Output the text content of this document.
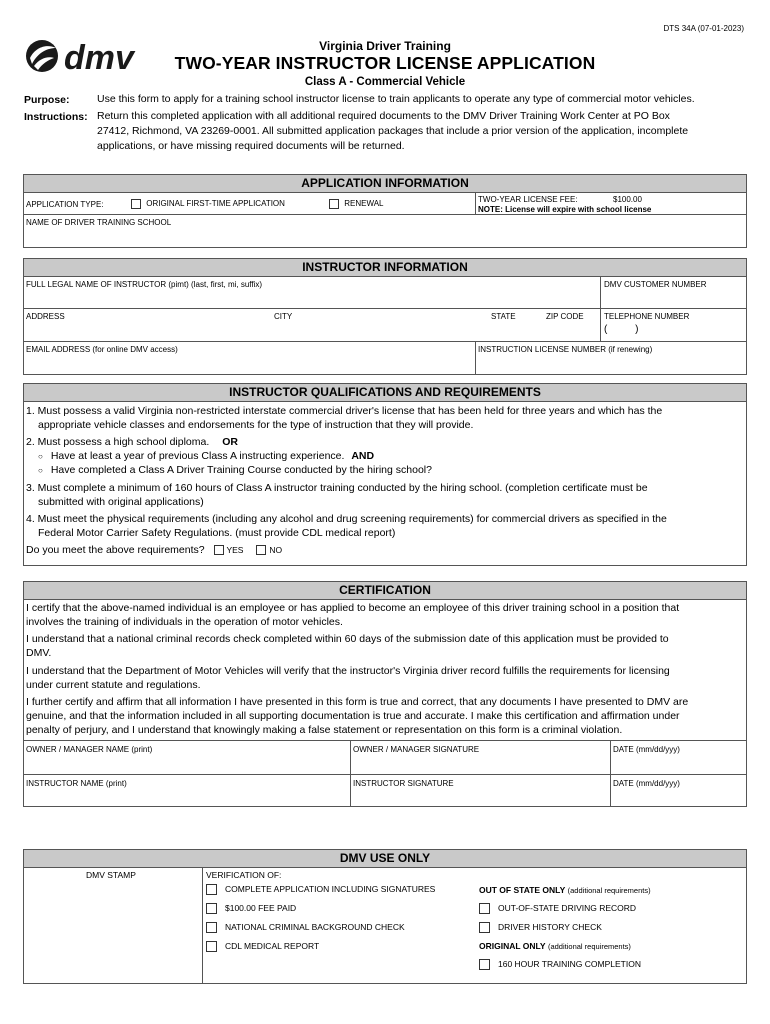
DTS 34A (07-01-2023)
dmv	Virginia Driver Training
TWO-YEAR INSTRUCTOR LICENSE APPLICATION
Class A - Commercial Vehicle
Purpose:	Use this form to apply for a training school instructor license to train applicants to operate any type of commercial motor vehicles.
Instructions: Return this completed application with all additional required documents to the DMV Driver Training Work Center at PO Box
27412, Richmond, VA 23269-0001. All submitted application packages that include a prior version of the application, incomplete
applications, or have missing required documents will be returned.
APPLICATION INFORMATION
APPLICATION TYPE:	ORIGINAL FIRST-TIME APPLICATION	RENEWAL	TWO-YEAR LICENSE FEE:	$100.00
NOTE: License will expire with school license
NAME OF DRIVER TRAINING SCHOOL
INSTRUCTOR INFORMATION
FULL LEGAL NAME OF INSTRUCTOR (pimt) (last, first, mi, suffix)	DMV CUSTOMER NUMBER
ADDRESS	CITY	STATE	ZIP CODE	TELEPHONE NUMBER
(          )
EMAIL ADDRESS (for online DMV access)	INSTRUCTION LICENSE NUMBER (if renewing)
INSTRUCTOR QUALIFICATIONS AND REQUIREMENTS
1. Must possess a valid Virginia non-restricted interstate commercial driver's license that has been held for three years and which has the
appropriate vehicle classes and endorsements for the type of instruction that they will provide.
2. Must possess a high school diploma. OR
○ Have at least a year of previous Class A instructing experience. AND
○ Have completed a Class A Driver Training Course conducted by the hiring school?
3. Must complete a minimum of 160 hours of Class A instructor training conducted by the hiring school. (completion certificate must be
submitted with original applications)
4. Must meet the physical requirements (including any alcohol and drug screening requirements) for commercial drivers as specified in the
Federal Motor Carrier Safety Regulations. (must provide CDL medical report)
Do you meet the above requirements?	YES	NO
CERTIFICATION
I certify that the above-named individual is an employee or has applied to become an employee of this driver training school in a position that
involves the training of individuals in the operation of motor vehicles.
I understand that a national criminal records check completed within 60 days of the submission date of this application must be provided to
DMV.
I understand that the Department of Motor Vehicles will verify that the instructor's Virginia driver record fulfills the requirements for licensing
under current statute and regulations.
I further certify and affirm that all information I have presented in this form is true and correct, that any documents I have presented to DMV are
genuine, and that the information included in all supporting documentation is true and accurate. I make this certification and affirmation under
penalty of perjury, and I understand that knowingly making a false statement or representation on this form is a criminal violation.
OWNER / MANAGER NAME (print)	OWNER / MANAGER SIGNATURE	DATE (mm/dd/yyy)
INSTRUCTOR NAME (print)	INSTRUCTOR SIGNATURE	DATE (mm/dd/yyy)
DMV USE ONLY
DMV STAMP	VERIFICATION OF:
COMPLETE APPLICATION INCLUDING SIGNATURES
$100.00 FEE PAID
NATIONAL CRIMINAL BACKGROUND CHECK
CDL MEDICAL REPORT
OUT OF STATE ONLY (additional requirements)
OUT-OF-STATE DRIVING RECORD
DRIVER HISTORY CHECK
ORIGINAL ONLY (additional requirements)
160 HOUR TRAINING COMPLETION
